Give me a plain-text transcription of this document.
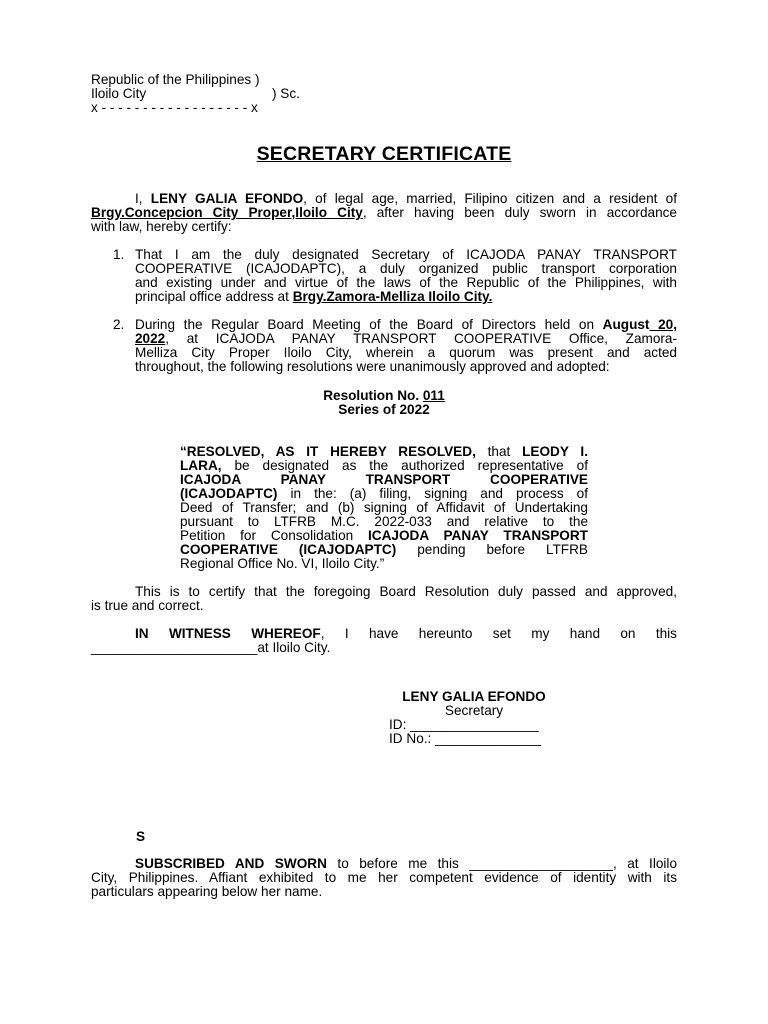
Republic of the Philippines )
Iloilo City	) Sc.
x - - - - - - - - - - - - - - - - - - x
SECRETARY CERTIFICATE
I, LENY GALIA EFONDO, of legal age, married, Filipino citizen and a resident of
Brgy.Concepcion City Proper,Iloilo City, after having been duly sworn in accordance
with law, hereby certify:
1. That I am the duly designated Secretary of ICAJODA PANAY TRANSPORT
COOPERATIVE (ICAJODAPTC), a duly organized public transport corporation
and existing under and virtue of the laws of the Republic of the Philippines, with
principal office address at Brgy.Zamora-Melliza Iloilo City.
2. During the Regular Board Meeting of the Board of Directors held on August 20,
2022, at ICAJODA PANAY TRANSPORT COOPERATIVE Office, Zamora-
Melliza City Proper Iloilo City, wherein a quorum was present and acted
throughout, the following resolutions were unanimously approved and adopted:
Resolution No. 011
Series of 2022
“RESOLVED, AS IT HEREBY RESOLVED, that LEODY I.
LARA, be designated as the authorized representative of
ICAJODA PANAY TRANSPORT COOPERATIVE
(ICAJODAPTC) in the: (a) filing, signing and process of
Deed of Transfer; and (b) signing of Affidavit of Undertaking
pursuant to LTFRB M.C. 2022-033 and relative to the
Petition for Consolidation ICAJODA PANAY TRANSPORT
COOPERATIVE (ICAJODAPTC) pending before LTFRB
Regional Office No. VI, Iloilo City.”
This is to certify that the foregoing Board Resolution duly passed and approved,
is true and correct.
IN WITNESS WHEREOF, I have hereunto set my hand on this
______________________at Iloilo City.
LENY GALIA EFONDO
Secretary
ID: _________________
ID No.: ______________
S
SUBSCRIBED AND SWORN to before me this ___________________, at Iloilo
City, Philippines. Affiant exhibited to me her competent evidence of identity with its
particulars appearing below her name.
